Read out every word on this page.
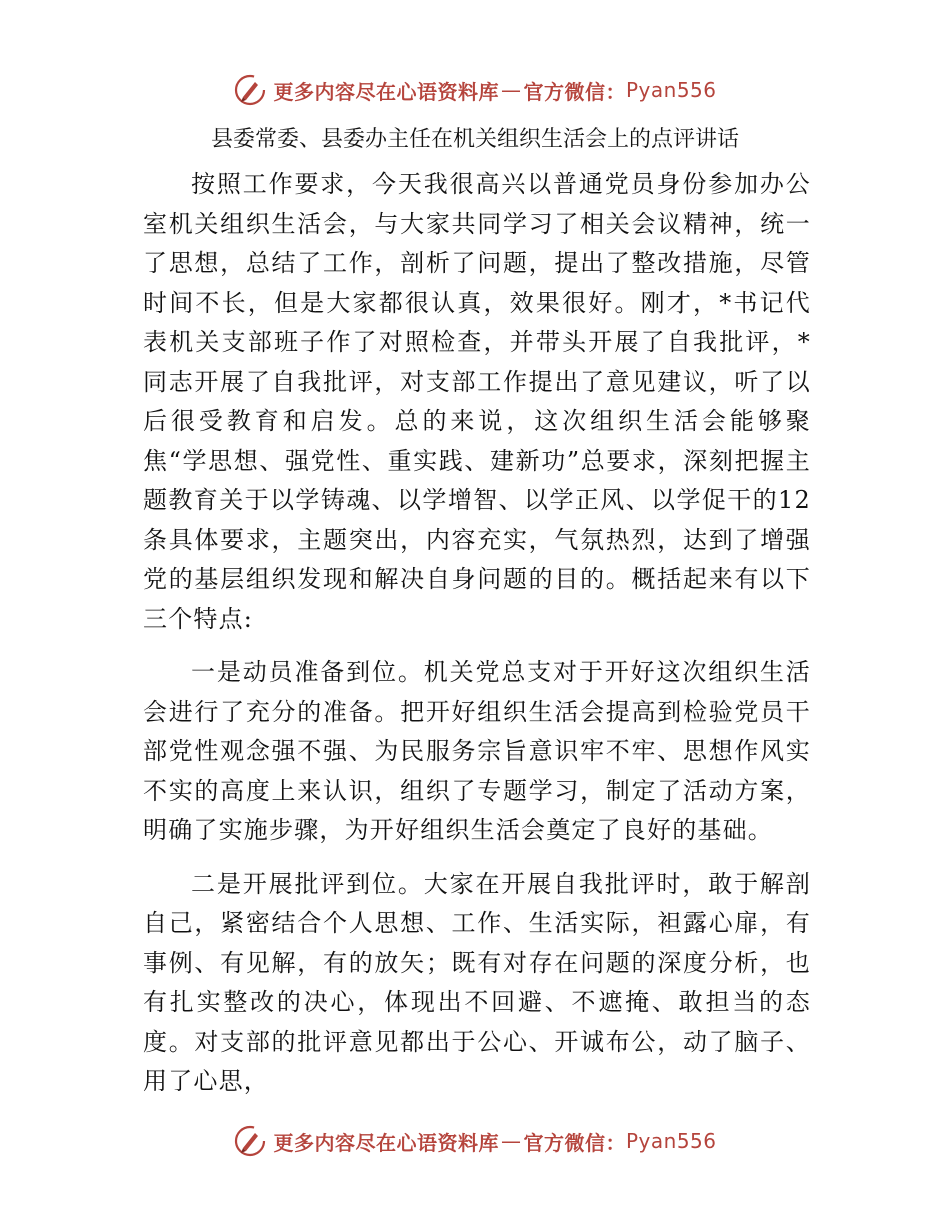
更多内容尽在心语资料库 — 官方微信： Pyan556
县委常委、县委办主任在机关组织生活会上的点评讲话

按照工作要求，今天我很高兴以普通党员身份参加办公室机关组织生活会，与大家共同学习了相关会议精神，统一了思想，总结了工作，剖析了问题，提出了整改措施，尽管时间不长，但是大家都很认真，效果很好。刚才，*书记代表机关支部班子作了对照检查，并带头开展了自我批评，*同志开展了自我批评，对支部工作提出了意见建议，听了以后很受教育和启发。总的来说，这次组织生活会能够聚焦“学思想、强党性、重实践、建新功”总要求，深刻把握主题教育关于以学铸魂、以学增智、以学正风、以学促干的12条具体要求，主题突出，内容充实，气氛热烈，达到了增强党的基层组织发现和解决自身问题的目的。概括起来有以下三个特点:

一是动员准备到位。机关党总支对于开好这次组织生活会进行了充分的准备。把开好组织生活会提高到检验党员干部党性观念强不强、为民服务宗旨意识牢不牢、思想作风实不实的高度上来认识，组织了专题学习，制定了活动方案，明确了实施步骤，为开好组织生活会奠定了良好的基础。

二是开展批评到位。大家在开展自我批评时，敢于解剖自己，紧密结合个人思想、工作、生活实际，袒露心扉，有事例、有见解，有的放矢；既有对存在问题的深度分析，也有扎实整改的决心，体现出不回避、不遮掩、敢担当的态度。对支部的批评意见都出于公心、开诚布公，动了脑子、用了心思，

更多内容尽在心语资料库 — 官方微信： Pyan556
